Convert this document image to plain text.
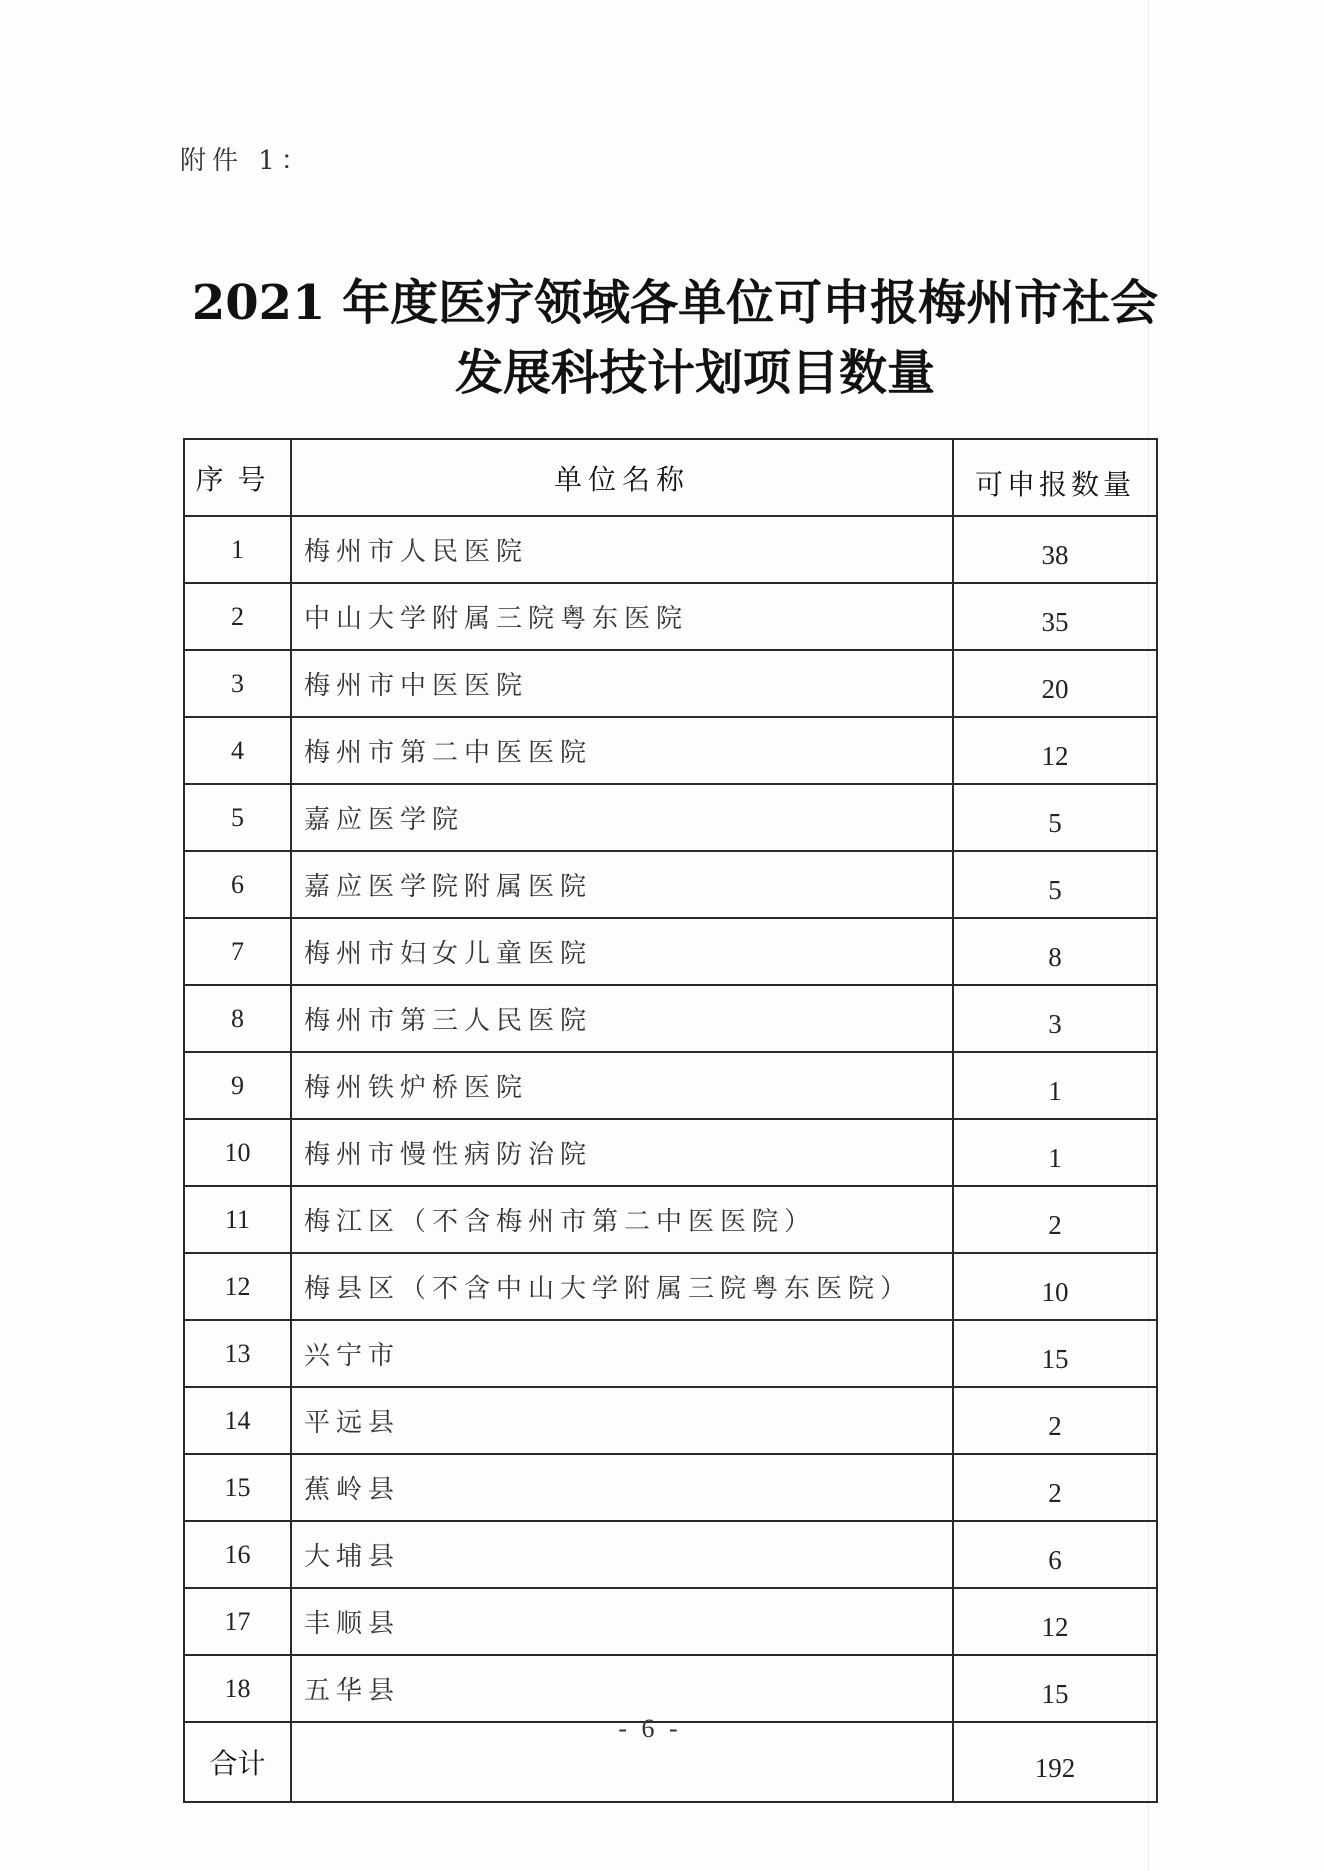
附件 1：
2021 年度医疗领域各单位可申报梅州市社会
发展科技计划项目数量
序号	单位名称	可申报数量
1	梅州市人民医院	38
2	中山大学附属三院粤东医院	35
3	梅州市中医医院	20
4	梅州市第二中医医院	12
5	嘉应医学院	5
6	嘉应医学院附属医院	5
7	梅州市妇女儿童医院	8
8	梅州市第三人民医院	3
9	梅州铁炉桥医院	1
10	梅州市慢性病防治院	1
11	梅江区（不含梅州市第二中医医院）	2
12	梅县区（不含中山大学附属三院粤东医院）	10
13	兴宁市	15
14	平远县	2
15	蕉岭县	2
16	大埔县	6
17	丰顺县	12
18	五华县	15
合计		192
- 6 -
